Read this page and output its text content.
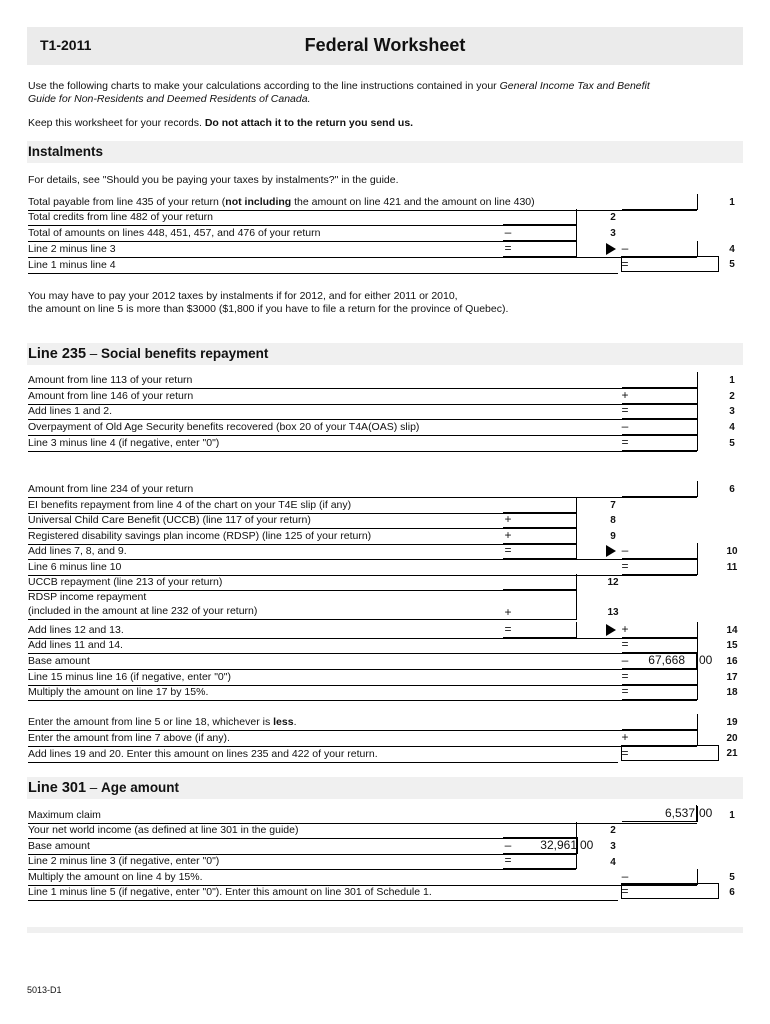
T1-2011	Federal Worksheet
Use the following charts to make your calculations according to the line instructions contained in your General Income Tax and Benefit
Guide for Non-Residents and Deemed Residents of Canada.
Keep this worksheet for your records. Do not attach it to the return you send us.
Instalments
For details, see "Should you be paying your taxes by instalments?" in the guide.
Total payable from line 435 of your return (not including the amount on line 421 and the amount on line 430)	1
Total credits from line 482 of your return	2
Total of amounts on lines 448, 451, 457, and 476 of your return	–	3
Line 2 minus line 3	=	–	4
Line 1 minus line 4	=	5
You may have to pay your 2012 taxes by instalments if for 2012, and for either 2011 or 2010,
the amount on line 5 is more than $3000 ($1,800 if you have to file a return for the province of Quebec).
Line 235 – Social benefits repayment
Amount from line 113 of your return	1
Amount from line 146 of your return	+	2
Add lines 1 and 2.	=	3
Overpayment of Old Age Security benefits recovered (box 20 of your T4A(OAS) slip)	–	4
Line 3 minus line 4 (if negative, enter "0")	=	5
Amount from line 234 of your return	6
EI benefits repayment from line 4 of the chart on your T4E slip (if any)	7
Universal Child Care Benefit (UCCB) (line 117 of your return)	+	8
Registered disability savings plan income (RDSP) (line 125 of your return)	+	9
Add lines 7, 8, and 9.	=	–	10
Line 6 minus line 10	=	11
UCCB repayment (line 213 of your return)	12
RDSP income repayment
(included in the amount at line 232 of your return)	+	13
Add lines 12 and 13.	=	+	14
Add lines 11 and 14.	=	15
Base amount	–	67,668 00	16
Line 15 minus line 16 (if negative, enter "0")	=	17
Multiply the amount on line 17 by 15%.	=	18
Enter the amount from line 5 or line 18, whichever is less.	19
Enter the amount from line 7 above (if any).	+	20
Add lines 19 and 20. Enter this amount on lines 235 and 422 of your return.	=	21
Line 301 – Age amount
Maximum claim	6,537 00	1
Your net world income (as defined at line 301 in the guide)	2
Base amount	–	32,961 00	3
Line 2 minus line 3 (if negative, enter "0")	=	4
Multiply the amount on line 4 by 15%.	–	5
Line 1 minus line 5 (if negative, enter "0"). Enter this amount on line 301 of Schedule 1.	=	6
5013-D1
